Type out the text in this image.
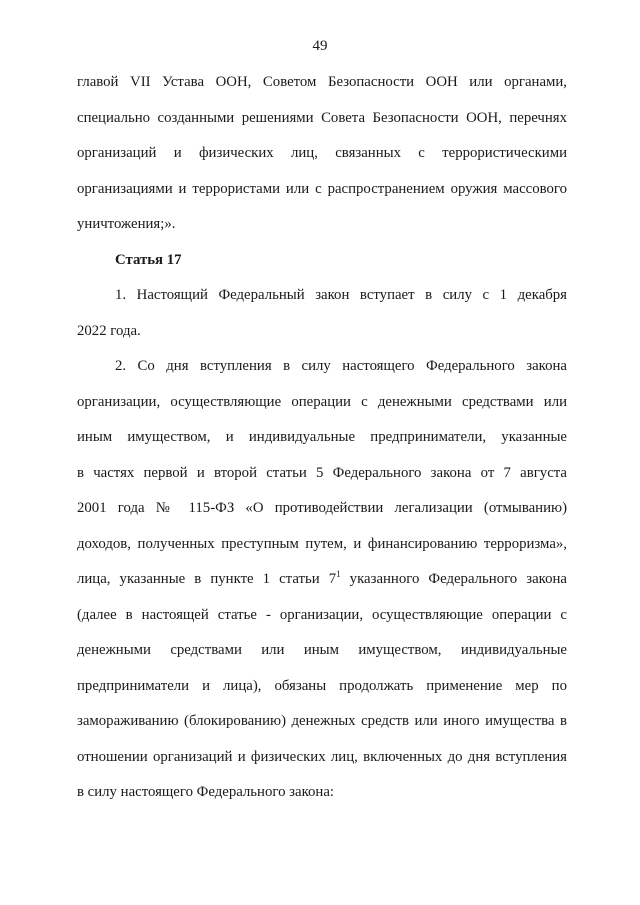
49
главой VII Устава ООН, Советом Безопасности ООН или органами,
специально созданными решениями Совета Безопасности ООН, перечнях
организаций и физических лиц, связанных с террористическими
организациями и террористами или с распространением оружия массового
уничтожения;».
Статья 17
1. Настоящий Федеральный закон вступает в силу с 1 декабря
2022 года.
2. Со дня вступления в силу настоящего Федерального закона
организации, осуществляющие операции с денежными средствами или
иным имуществом, и индивидуальные предприниматели, указанные
в частях первой и второй статьи 5 Федерального закона от 7 августа
2001 года № 115-ФЗ «О противодействии легализации (отмыванию)
доходов, полученных преступным путем, и финансированию терроризма»,
лица, указанные в пункте 1 статьи $7^1$ указанного Федерального закона
(далее в настоящей статье - организации, осуществляющие операции с
денежными средствами или иным имуществом, индивидуальные
предприниматели и лица), обязаны продолжать применение мер по
замораживанию (блокированию) денежных средств или иного имущества в
отношении организаций и физических лиц, включенных до дня вступления
в силу настоящего Федерального закона:
